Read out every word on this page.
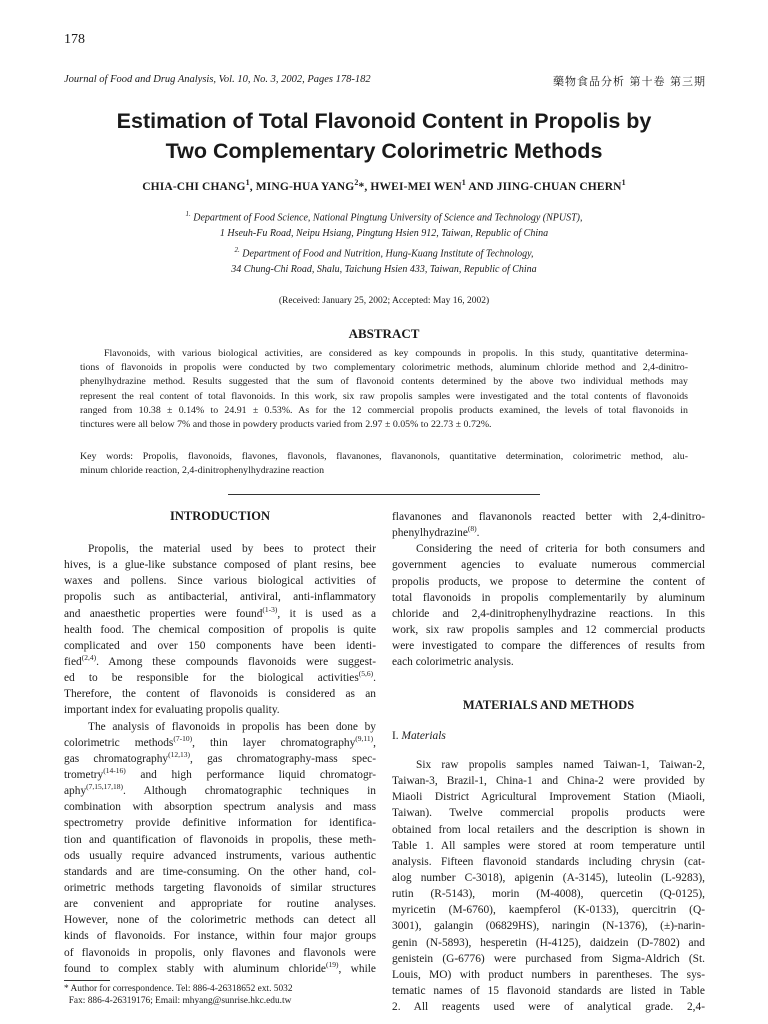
178
Journal of Food and Drug Analysis, Vol. 10, No. 3, 2002, Pages 178-182	藥物食品分析 第十卷 第三期
Estimation of Total Flavonoid Content in Propolis by
Two Complementary Colorimetric Methods
CHIA-CHI CHANG$^1$, MING-HUA YANG$^2$*, HWEI-MEI WEN$^1$ AND JIING-CHUAN CHERN$^1$
$^{1.}$ Department of Food Science, National Pingtung University of Science and Technology (NPUST),
1 Hseuh-Fu Road, Neipu Hsiang, Pingtung Hsien 912, Taiwan, Republic of China
$^{2.}$ Department of Food and Nutrition, Hung-Kuang Institute of Technology,
34 Chung-Chi Road, Shalu, Taichung Hsien 433, Taiwan, Republic of China
(Received: January 25, 2002; Accepted: May 16, 2002)
ABSTRACT
Flavonoids, with various biological activities, are considered as key compounds in propolis. In this study, quantitative determina-
tions of flavonoids in propolis were conducted by two complementary colorimetric methods, aluminum chloride method and 2,4-dinitro-
phenylhydrazine method. Results suggested that the sum of flavonoid contents determined by the above two individual methods may
represent the real content of total flavonoids. In this work, six raw propolis samples were investigated and the total contents of flavonoids
ranged from 10.38 ± 0.14% to 24.91 ± 0.53%. As for the 12 commercial propolis products examined, the levels of total flavonoids in
tinctures were all below 7% and those in powdery products varied from 2.97 ± 0.05% to 22.73 ± 0.72%.
Key words: Propolis, flavonoids, flavones, flavonols, flavanones, flavanonols, quantitative determination, colorimetric method, alu-
minum chloride reaction, 2,4-dinitrophenylhydrazine reaction
INTRODUCTION
Propolis, the material used by bees to protect their
hives, is a glue-like substance composed of plant resins, bee
waxes and pollens. Since various biological activities of
propolis such as antibacterial, antiviral, anti-inflammatory
and anaesthetic properties were found$^{(1-3)}$, it is used as a
health food. The chemical composition of propolis is quite
complicated and over 150 components have been identi-
fied$^{(2,4)}$. Among these compounds flavonoids were suggest-
ed to be responsible for the biological activities$^{(5,6)}$.
Therefore, the content of flavonoids is considered as an
important index for evaluating propolis quality.
The analysis of flavonoids in propolis has been done by
colorimetric methods$^{(7-10)}$, thin layer chromatography$^{(9,11)}$,
gas chromatography$^{(12,13)}$, gas chromatography-mass spec-
trometry$^{(14-16)}$ and high performance liquid chromatogr-
aphy$^{(7,15,17,18)}$. Although chromatographic techniques in
combination with absorption spectrum analysis and mass
spectrometry provide definitive information for identifica-
tion and quantification of flavonoids in propolis, these meth-
ods usually require advanced instruments, various authentic
standards and are time-consuming. On the other hand, col-
orimetric methods targeting flavonoids of similar structures
are convenient and appropriate for routine analyses.
However, none of the colorimetric methods can detect all
kinds of flavonoids. For instance, within four major groups
of flavonoids in propolis, only flavones and flavonols were
found to complex stably with aluminum chloride$^{(19)}$, while
flavanones and flavanonols reacted better with 2,4-dinitro-
phenylhydrazine$^{(8)}$.
Considering the need of criteria for both consumers and
government agencies to evaluate numerous commercial
propolis products, we propose to determine the content of
total flavonoids in propolis complementarily by aluminum
chloride and 2,4-dinitrophenylhydrazine reactions. In this
work, six raw propolis samples and 12 commercial products
were investigated to compare the differences of results from
each colorimetric analysis.
MATERIALS AND METHODS
I. Materials
Six raw propolis samples named Taiwan-1, Taiwan-2,
Taiwan-3, Brazil-1, China-1 and China-2 were provided by
Miaoli District Agricultural Improvement Station (Miaoli,
Taiwan). Twelve commercial propolis products were
obtained from local retailers and the description is shown in
Table 1. All samples were stored at room temperature until
analysis. Fifteen flavonoid standards including chrysin (cat-
alog number C-3018), apigenin (A-3145), luteolin (L-9283),
rutin (R-5143), morin (M-4008), quercetin (Q-0125),
myricetin (M-6760), kaempferol (K-0133), quercitrin (Q-
3001), galangin (06829HS), naringin (N-1376), (±)-narin-
genin (N-5893), hesperetin (H-4125), daidzein (D-7802) and
genistein (G-6776) were purchased from Sigma-Aldrich (St.
Louis, MO) with product numbers in parentheses. The sys-
tematic names of 15 flavonoid standards are listed in Table
2. All reagents used were of analytical grade. 2,4-
* Author for correspondence. Tel: 886-4-26318652 ext. 5032
Fax: 886-4-26319176; Email: mhyang@sunrise.hkc.edu.tw
